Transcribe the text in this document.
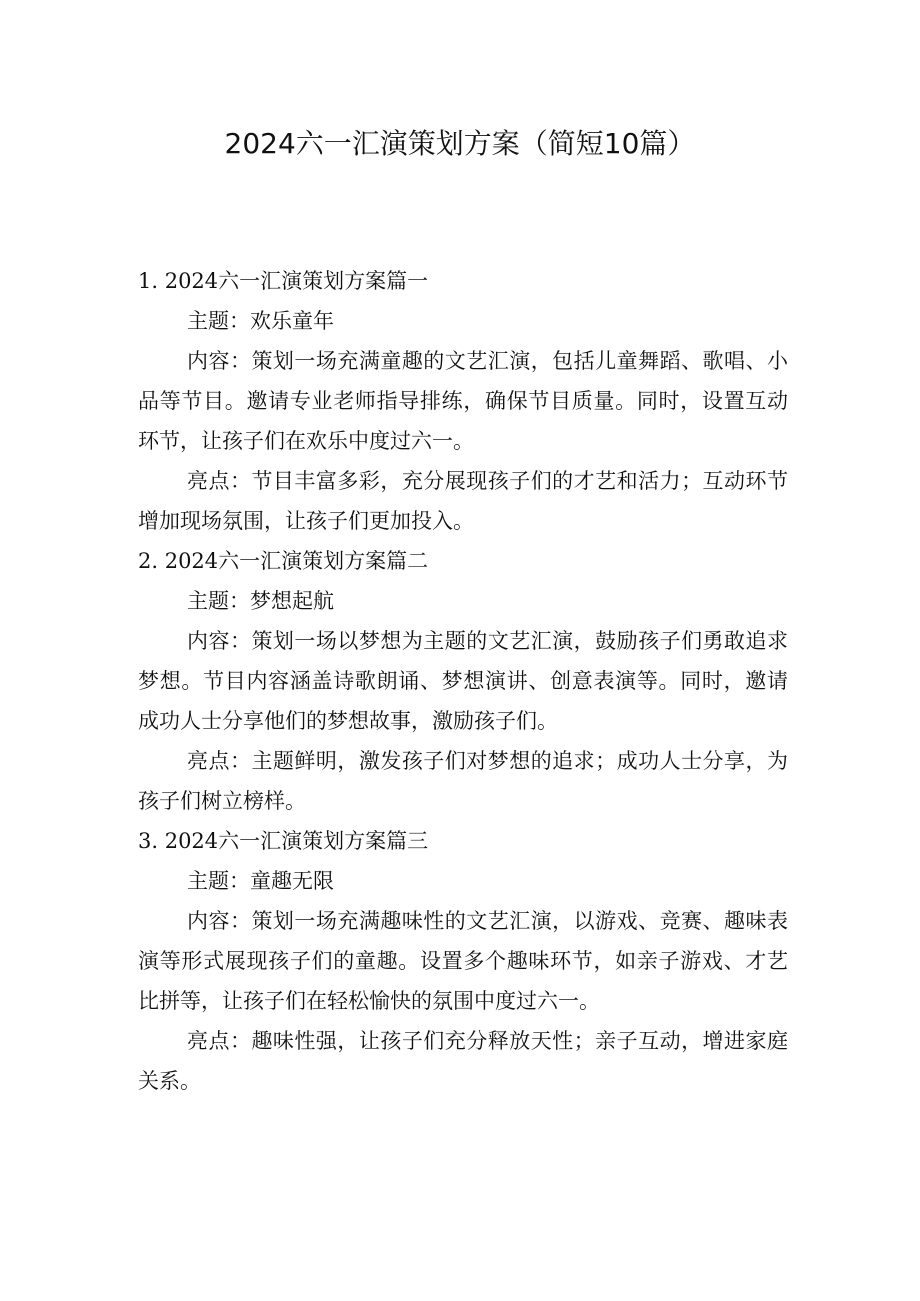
2024六一汇演策划方案（简短10篇）
1. 2024六一汇演策划方案篇一

主题：欢乐童年

内容：策划一场充满童趣的文艺汇演，包括儿童舞蹈、歌唱、小品等节目。邀请专业老师指导排练，确保节目质量。同时，设置互动环节，让孩子们在欢乐中度过六一。

亮点：节目丰富多彩，充分展现孩子们的才艺和活力；互动环节增加现场氛围，让孩子们更加投入。

2. 2024六一汇演策划方案篇二

主题：梦想起航

内容：策划一场以梦想为主题的文艺汇演，鼓励孩子们勇敢追求梦想。节目内容涵盖诗歌朗诵、梦想演讲、创意表演等。同时，邀请成功人士分享他们的梦想故事，激励孩子们。

亮点：主题鲜明，激发孩子们对梦想的追求；成功人士分享，为孩子们树立榜样。

3. 2024六一汇演策划方案篇三

主题：童趣无限

内容：策划一场充满趣味性的文艺汇演，以游戏、竞赛、趣味表演等形式展现孩子们的童趣。设置多个趣味环节，如亲子游戏、才艺比拼等，让孩子们在轻松愉快的氛围中度过六一。

亮点：趣味性强，让孩子们充分释放天性；亲子互动，增进家庭关系。
